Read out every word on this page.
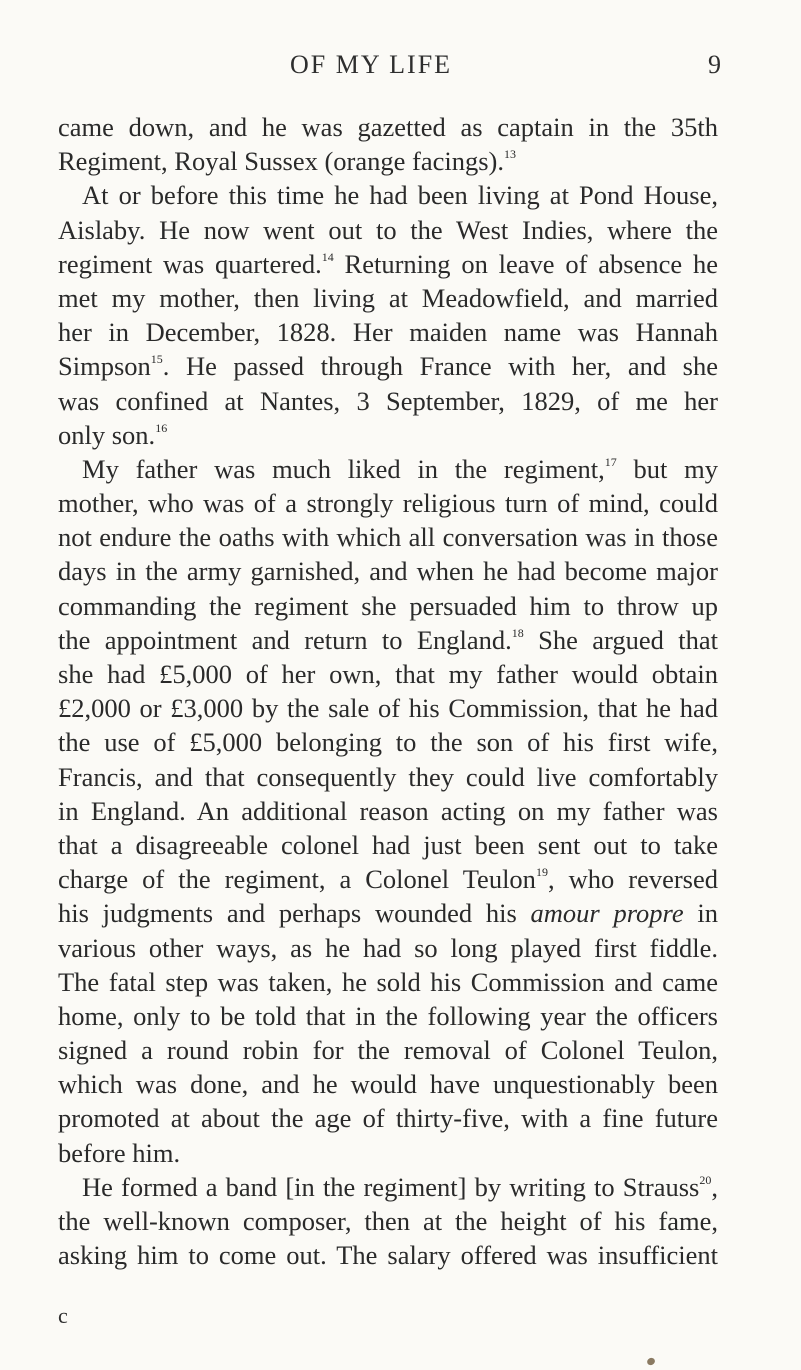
OF MY LIFE	9
came down, and he was gazetted as captain in the 35th
Regiment, Royal Sussex (orange facings).$^{13}$
At or before this time he had been living at Pond House,
Aislaby. He now went out to the West Indies, where the
regiment was quartered.$^{14}$ Returning on leave of absence he
met my mother, then living at Meadowfield, and married
her in December, 1828. Her maiden name was Hannah
Simpson$^{15}$. He passed through France with her, and she
was confined at Nantes, 3 September, 1829, of me her
only son.$^{16}$
My father was much liked in the regiment,$^{17}$ but my
mother, who was of a strongly religious turn of mind, could
not endure the oaths with which all conversation was in those
days in the army garnished, and when he had become major
commanding the regiment she persuaded him to throw up
the appointment and return to England.$^{18}$ She argued that
she had £5,000 of her own, that my father would obtain
£2,000 or £3,000 by the sale of his Commission, that he had
the use of £5,000 belonging to the son of his first wife,
Francis, and that consequently they could live comfortably
in England. An additional reason acting on my father was
that a disagreeable colonel had just been sent out to take
charge of the regiment, a Colonel Teulon$^{19}$, who reversed
his judgments and perhaps wounded his amour propre in
various other ways, as he had so long played first fiddle.
The fatal step was taken, he sold his Commission and came
home, only to be told that in the following year the officers
signed a round robin for the removal of Colonel Teulon,
which was done, and he would have unquestionably been
promoted at about the age of thirty-five, with a fine future
before him.
He formed a band [in the regiment] by writing to Strauss$^{20}$,
the well-known composer, then at the height of his fame,
asking him to come out. The salary offered was insufficient
c
